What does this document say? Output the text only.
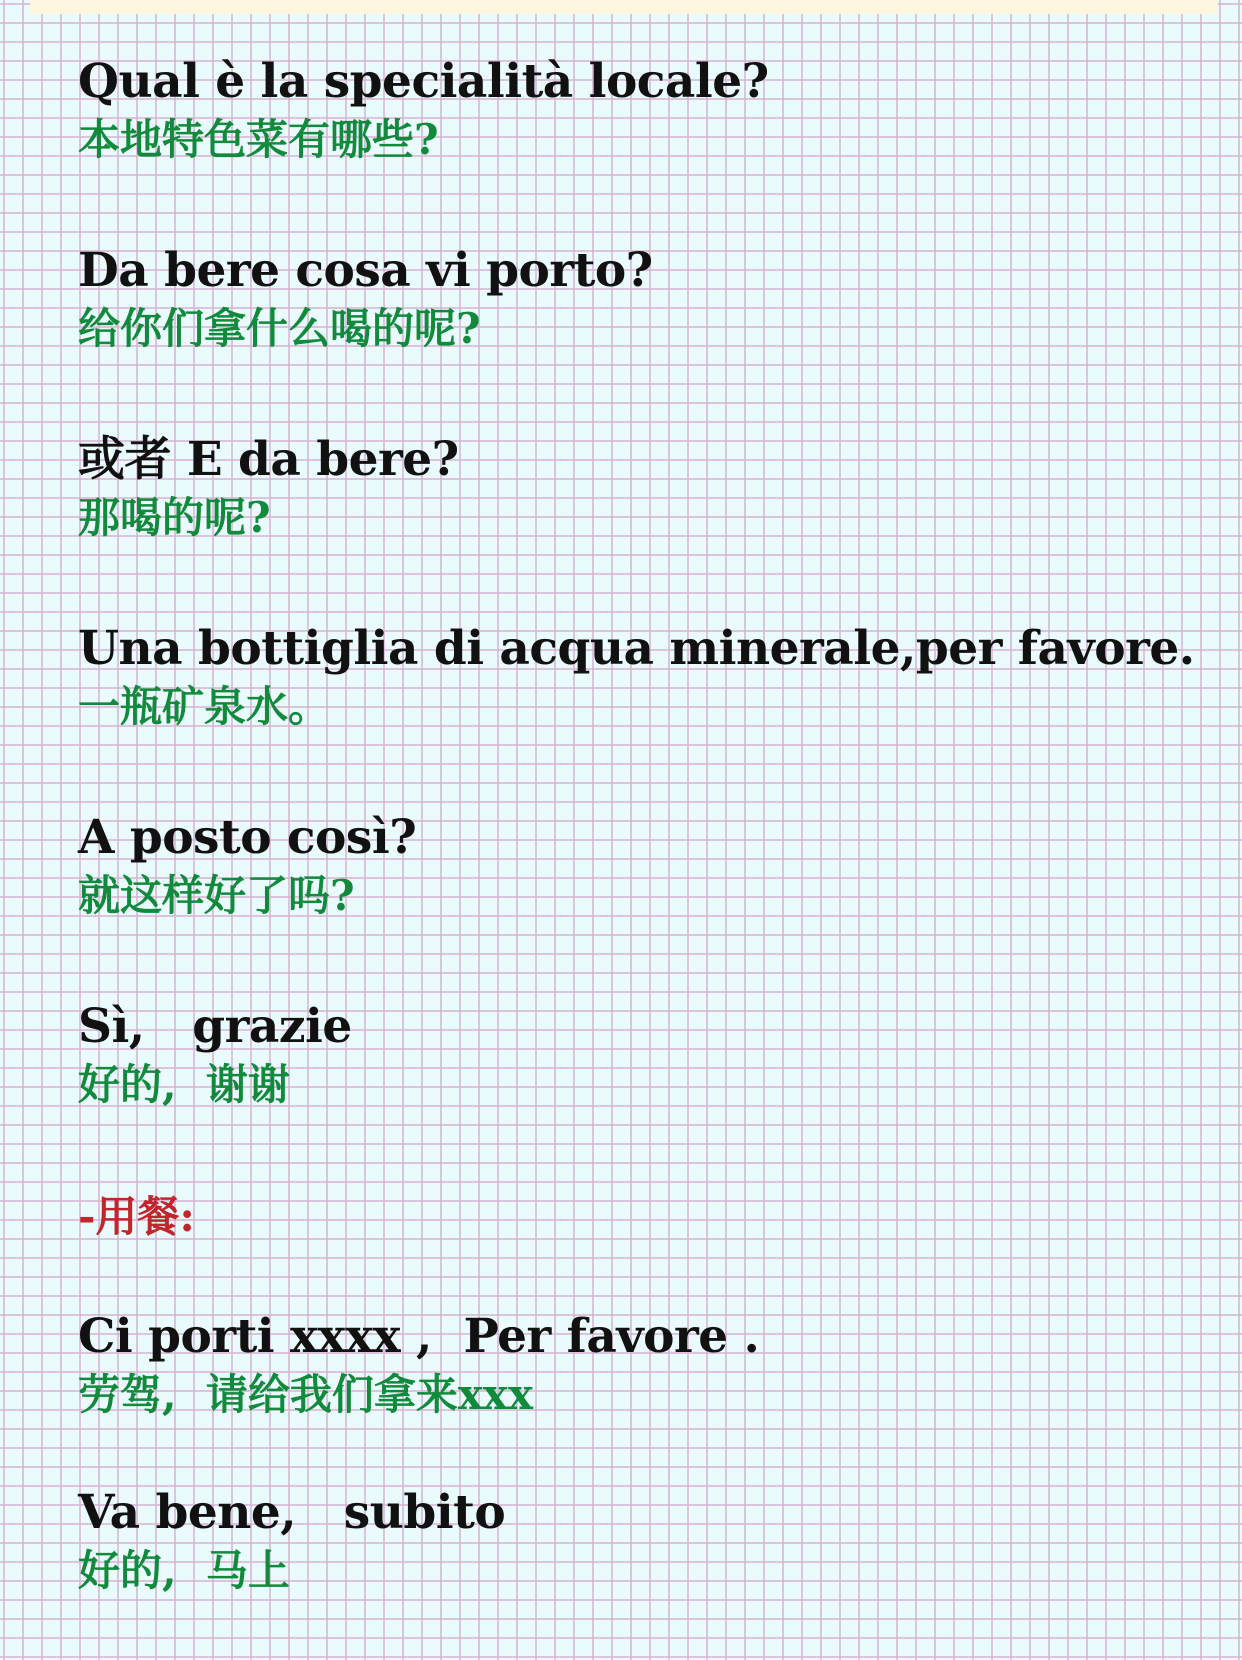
Qual è la specialità locale?
本地特色菜有哪些?
Da bere cosa vi porto?
给你们拿什么喝的呢?
或者 E da bere?
那喝的呢?
Una bottiglia di acqua minerale,per favore.
一瓶矿泉水。
A posto così?
就这样好了吗?
Sì,   grazie
好的,  谢谢
-用餐:
Ci porti xxxx ,  Per favore .
劳驾,  请给我们拿来xxx
Va bene,   subito
好的,  马上
